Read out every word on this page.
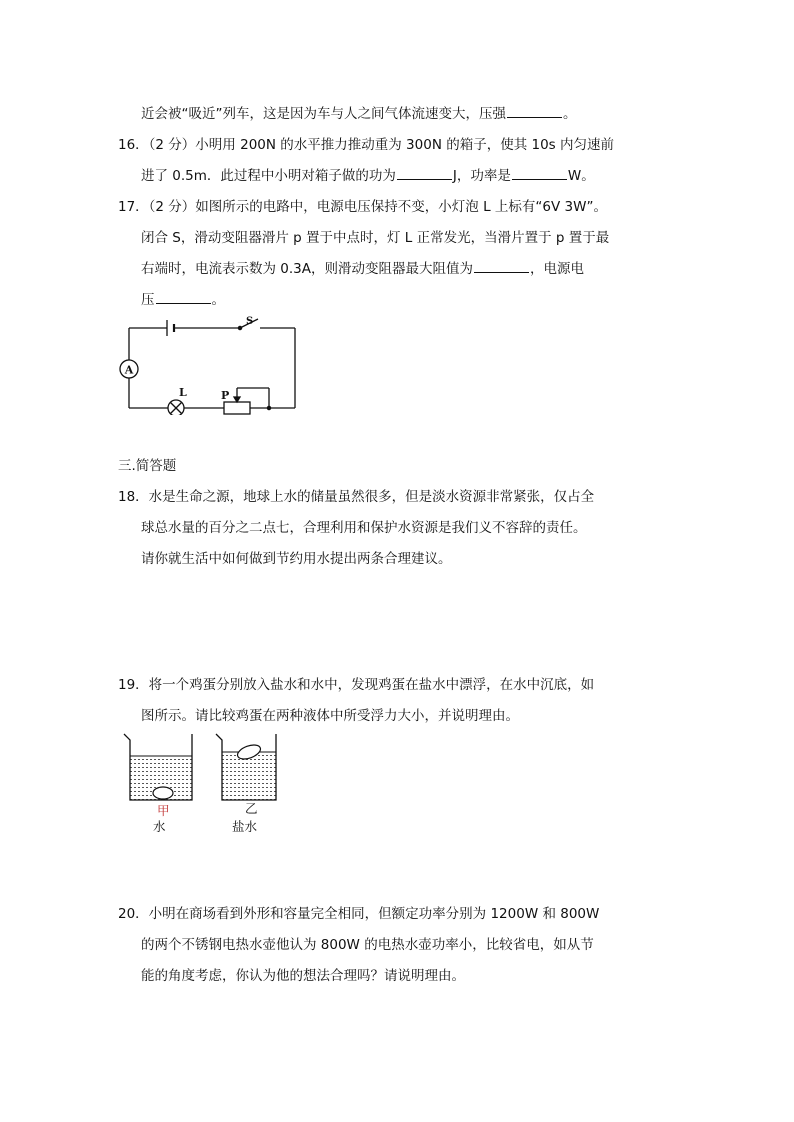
近会被“吸近”列车，这是因为车与人之间气体流速变大，压强	。
16．（2 分）小明用 200N 的水平推力推动重为 300N 的箱子，使其 10s 内匀速前
进了 0.5m．此过程中小明对箱子做的功为	J，功率是	W。
17．（2 分）如图所示的电路中，电源电压保持不变，小灯泡 L 上标有“6V 3W”。
闭合 S，滑动变阻器滑片 p 置于中点时，灯 L 正常发光，当滑片置于 p 置于最
右端时，电流表示数为 0.3A，则滑动变阻器最大阻值为	，电源电
压	。
A
S
L	P
三.简答题
18．水是生命之源，地球上水的储量虽然很多，但是淡水资源非常紧张，仅占全
球总水量的百分之二点七，合理利用和保护水资源是我们义不容辞的责任。
请你就生活中如何做到节约用水提出两条合理建议。
19．将一个鸡蛋分别放入盐水和水中，发现鸡蛋在盐水中漂浮，在水中沉底，如
图所示。请比较鸡蛋在两种液体中所受浮力大小，并说明理由。
甲	乙
水	盐水
20．小明在商场看到外形和容量完全相同，但额定功率分别为 1200W 和 800W
的两个不锈钢电热水壶他认为 800W 的电热水壶功率小，比较省电，如从节
能的角度考虑，你认为他的想法合理吗？请说明理由。
